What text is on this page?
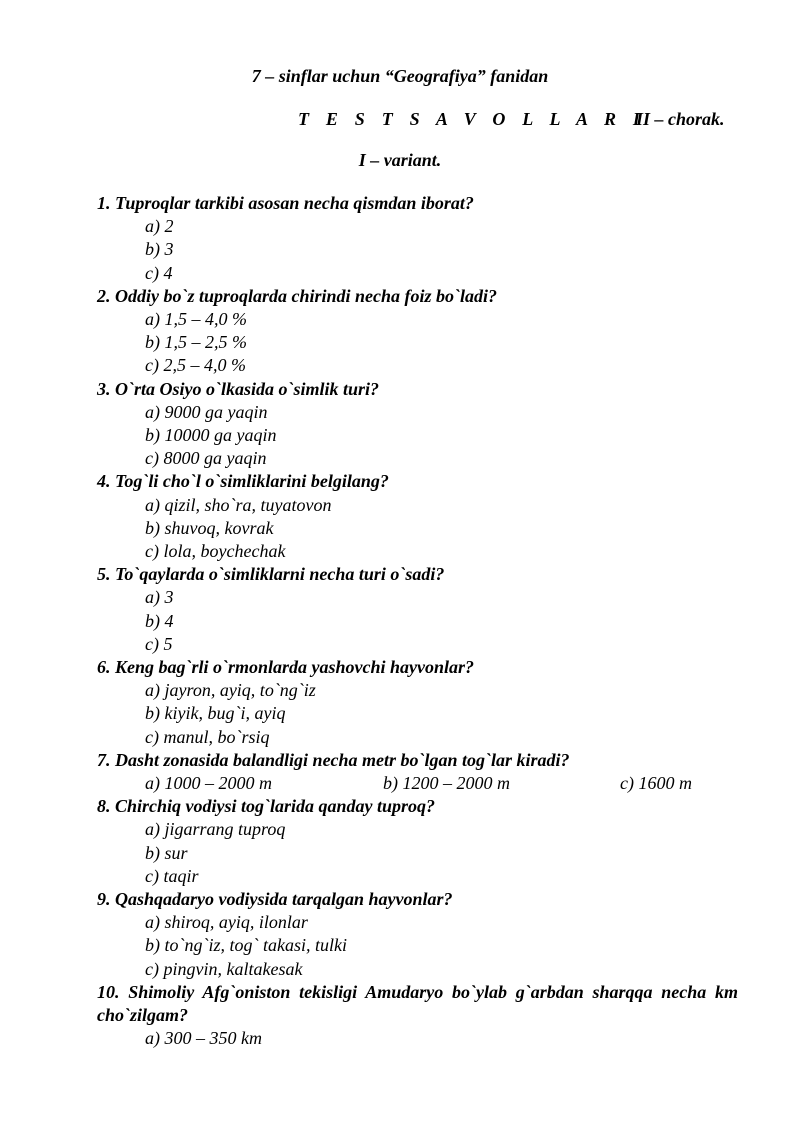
7 – sinflar uchun “Geografiya” fanidan
T E S T S A V O L L A R I
II – chorak.
I – variant.
1. Tuproqlar tarkibi asosan necha qismdan iborat?
a) 2
b) 3
c) 4
2. Oddiy bo`z tuproqlarda chirindi necha foiz bo`ladi?
a) 1,5 – 4,0 %
b) 1,5 – 2,5 %
c) 2,5 – 4,0 %
3. O`rta Osiyo o`lkasida o`simlik turi?
a) 9000 ga yaqin
b) 10000 ga yaqin
c) 8000 ga yaqin
4. Tog`li cho`l o`simliklarini belgilang?
a) qizil, sho`ra, tuyatovon
b) shuvoq, kovrak
c) lola, boychechak
5. To`qaylarda o`simliklarni necha turi o`sadi?
a) 3
b) 4
c) 5
6. Keng bag`rli o`rmonlarda yashovchi hayvonlar?
a) jayron, ayiq, to`ng`iz
b) kiyik, bug`i, ayiq
c) manul, bo`rsiq
7. Dasht zonasida balandligi necha metr bo`lgan tog`lar kiradi?
a) 1000 – 2000 m	b) 1200 – 2000 m	c) 1600 m
8. Chirchiq vodiysi tog`larida qanday tuproq?
a) jigarrang tuproq
b) sur
c) taqir
9. Qashqadaryo vodiysida tarqalgan hayvonlar?
a) shiroq, ayiq, ilonlar
b) to`ng`iz, tog` takasi, tulki
c) pingvin, kaltakesak
10. Shimoliy Afg`oniston tekisligi Amudaryo bo`ylab g`arbdan sharqqa necha km cho`zilgam?
a) 300 – 350 km
